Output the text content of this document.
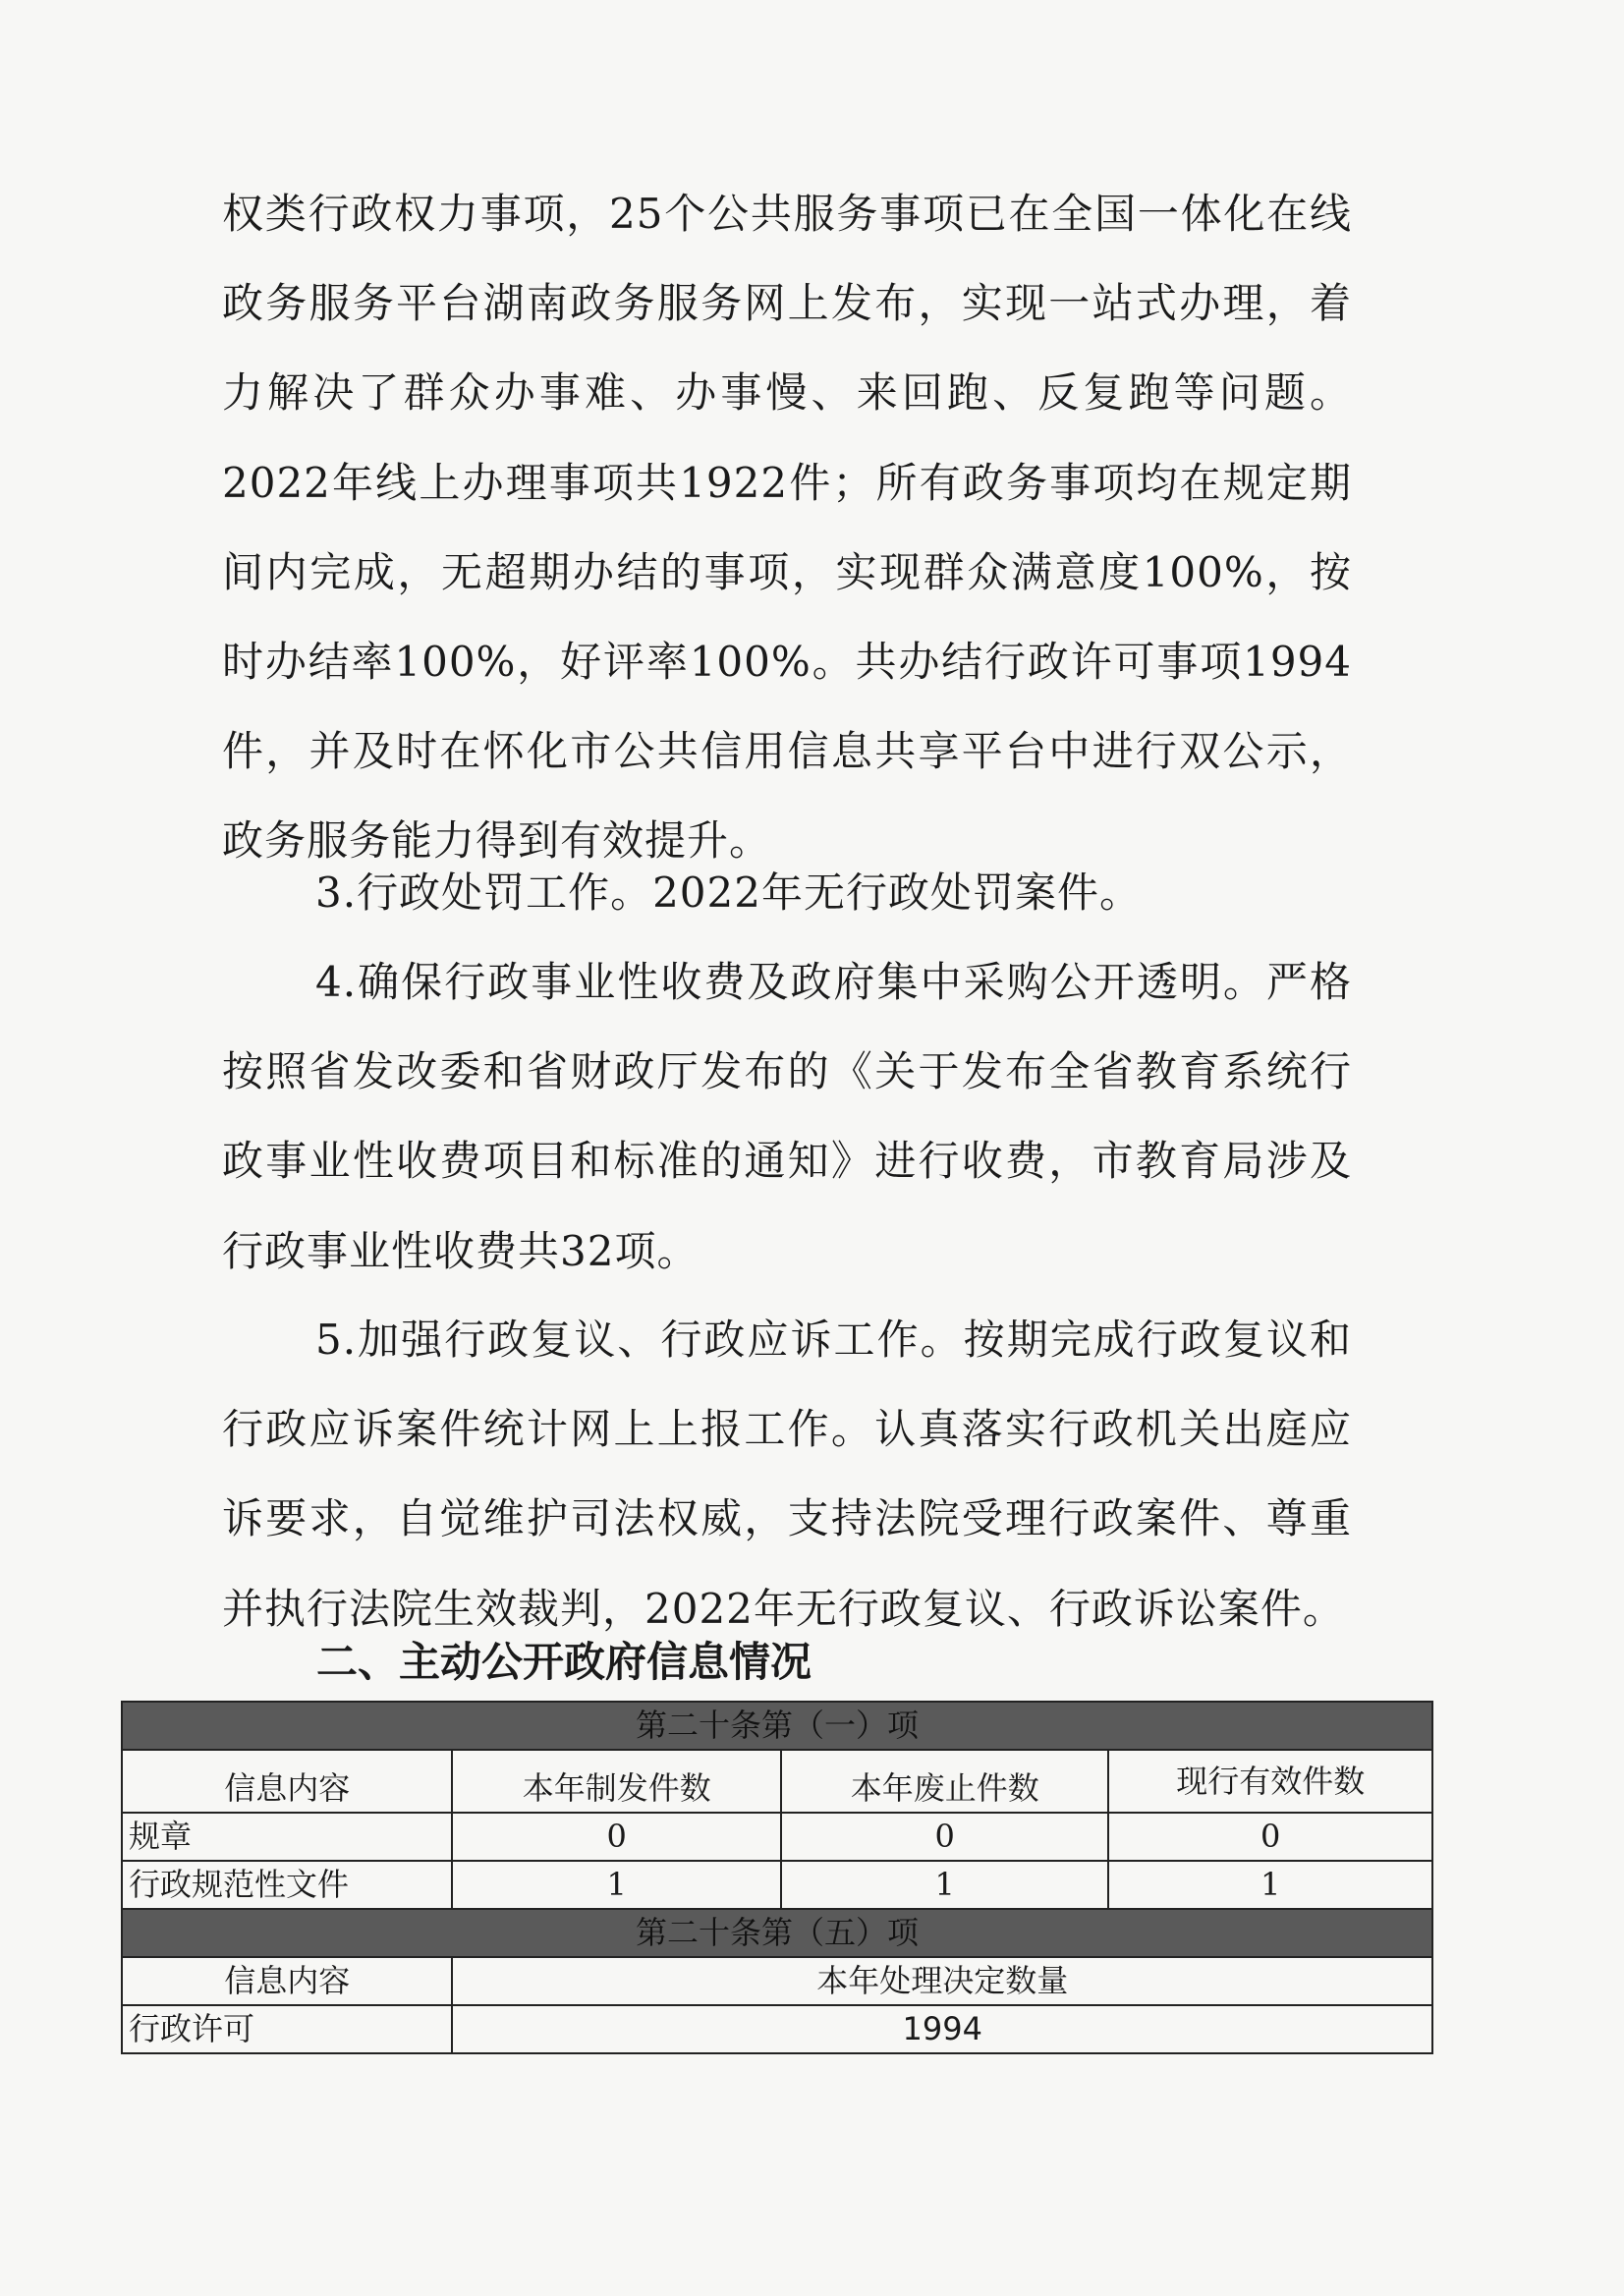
权类行政权力事项，25个公共服务事项已在全国一体化在线政务服务平台湖南政务服务网上发布，实现一站式办理，着力解决了群众办事难、办事慢、来回跑、反复跑等问题。2022年线上办理事项共1922件；所有政务事项均在规定期间内完成，无超期办结的事项，实现群众满意度100%，按时办结率100%，好评率100%。共办结行政许可事项1994件，并及时在怀化市公共信用信息共享平台中进行双公示，政务服务能力得到有效提升。

3.行政处罚工作。2022年无行政处罚案件。

4.确保行政事业性收费及政府集中采购公开透明。严格按照省发改委和省财政厅发布的《关于发布全省教育系统行政事业性收费项目和标准的通知》进行收费，市教育局涉及行政事业性收费共32项。

5.加强行政复议、行政应诉工作。按期完成行政复议和行政应诉案件统计网上上报工作。认真落实行政机关出庭应诉要求，自觉维护司法权威，支持法院受理行政案件、尊重并执行法院生效裁判，2022年无行政复议、行政诉讼案件。

二、主动公开政府信息情况
第二十条第（一）项			
信息内容	本年制发件数	本年废止件数	现行有效件数
规章	0	0	0
行政规范性文件	1	1	1
第二十条第（五）项			
信息内容	本年处理决定数量		
行政许可	1994		
